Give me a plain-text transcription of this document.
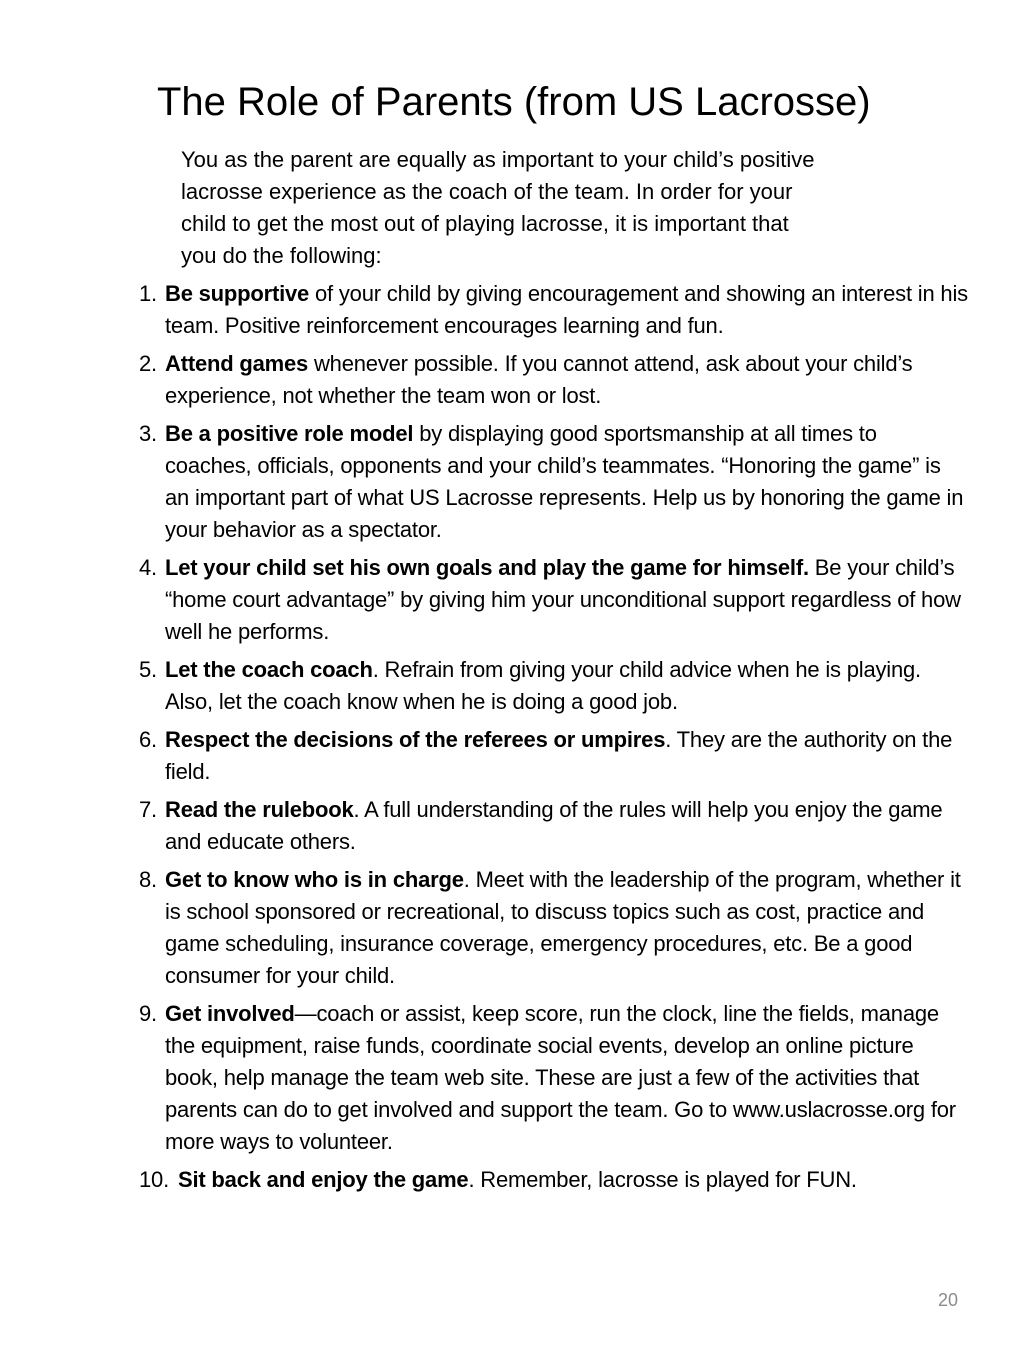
The Role of Parents (from US Lacrosse)

You as the parent are equally as important to your child’s positive lacrosse experience as the coach of the team. In order for your child to get the most out of playing lacrosse, it is important that you do the following:

1. Be supportive of your child by giving encouragement and showing an interest in his team. Positive reinforcement encourages learning and fun.
2. Attend games whenever possible. If you cannot attend, ask about your child’s experience, not whether the team won or lost.
3. Be a positive role model by displaying good sportsmanship at all times to coaches, officials, opponents and your child’s teammates. “Honoring the game” is an important part of what US Lacrosse represents. Help us by honoring the game in your behavior as a spectator.
4. Let your child set his own goals and play the game for himself. Be your child’s “home court advantage” by giving him your unconditional support regardless of how well he performs.
5. Let the coach coach. Refrain from giving your child advice when he is playing. Also, let the coach know when he is doing a good job.
6. Respect the decisions of the referees or umpires. They are the authority on the field.
7. Read the rulebook. A full understanding of the rules will help you enjoy the game and educate others.
8. Get to know who is in charge. Meet with the leadership of the program, whether it is school sponsored or recreational, to discuss topics such as cost, practice and game scheduling, insurance coverage, emergency procedures, etc. Be a good consumer for your child.
9. Get involved—coach or assist, keep score, run the clock, line the fields, manage the equipment, raise funds, coordinate social events, develop an online picture book, help manage the team web site. These are just a few of the activities that parents can do to get involved and support the team. Go to www.uslacrosse.org for more ways to volunteer.
10. Sit back and enjoy the game. Remember, lacrosse is played for FUN.
20
